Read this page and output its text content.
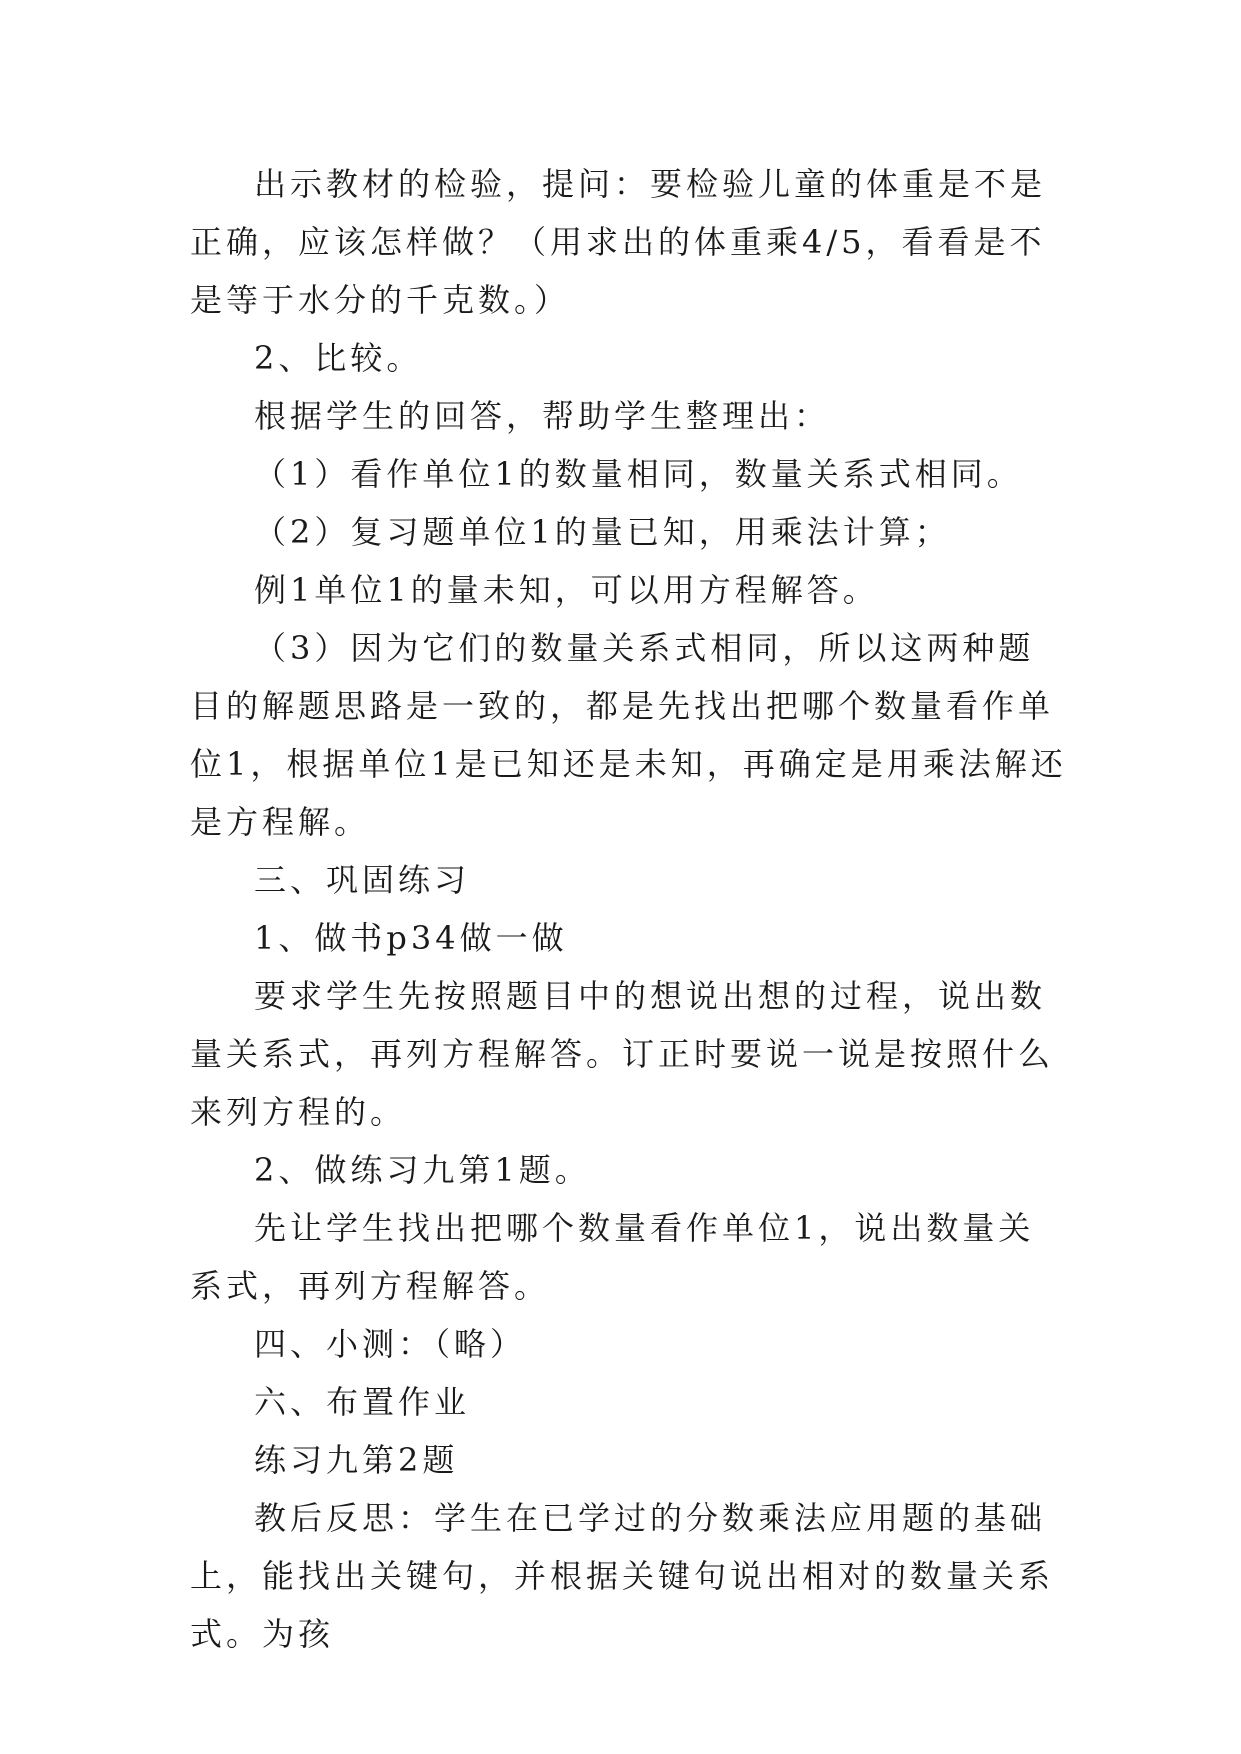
出示教材的检验，提问：要检验儿童的体重是不是正确，应该怎样做？（用求出的体重乘4/5，看看是不是等于水分的千克数。）

2、比较。

根据学生的回答，帮助学生整理出：

（1）看作单位1的数量相同，数量关系式相同。

（2）复习题单位1的量已知，用乘法计算；

例1单位1的量未知，可以用方程解答。

（3）因为它们的数量关系式相同，所以这两种题目的解题思路是一致的，都是先找出把哪个数量看作单位1，根据单位1是已知还是未知，再确定是用乘法解还是方程解。

三、巩固练习

1、做书p34做一做

要求学生先按照题目中的想说出想的过程，说出数量关系式，再列方程解答。订正时要说一说是按照什么来列方程的。

2、做练习九第1题。

先让学生找出把哪个数量看作单位1，说出数量关系式，再列方程解答。

四、小测：（略）

六、布置作业

练习九第2题

教后反思：学生在已学过的分数乘法应用题的基础上，能找出关键句，并根据关键句说出相对的数量关系式。为孩
